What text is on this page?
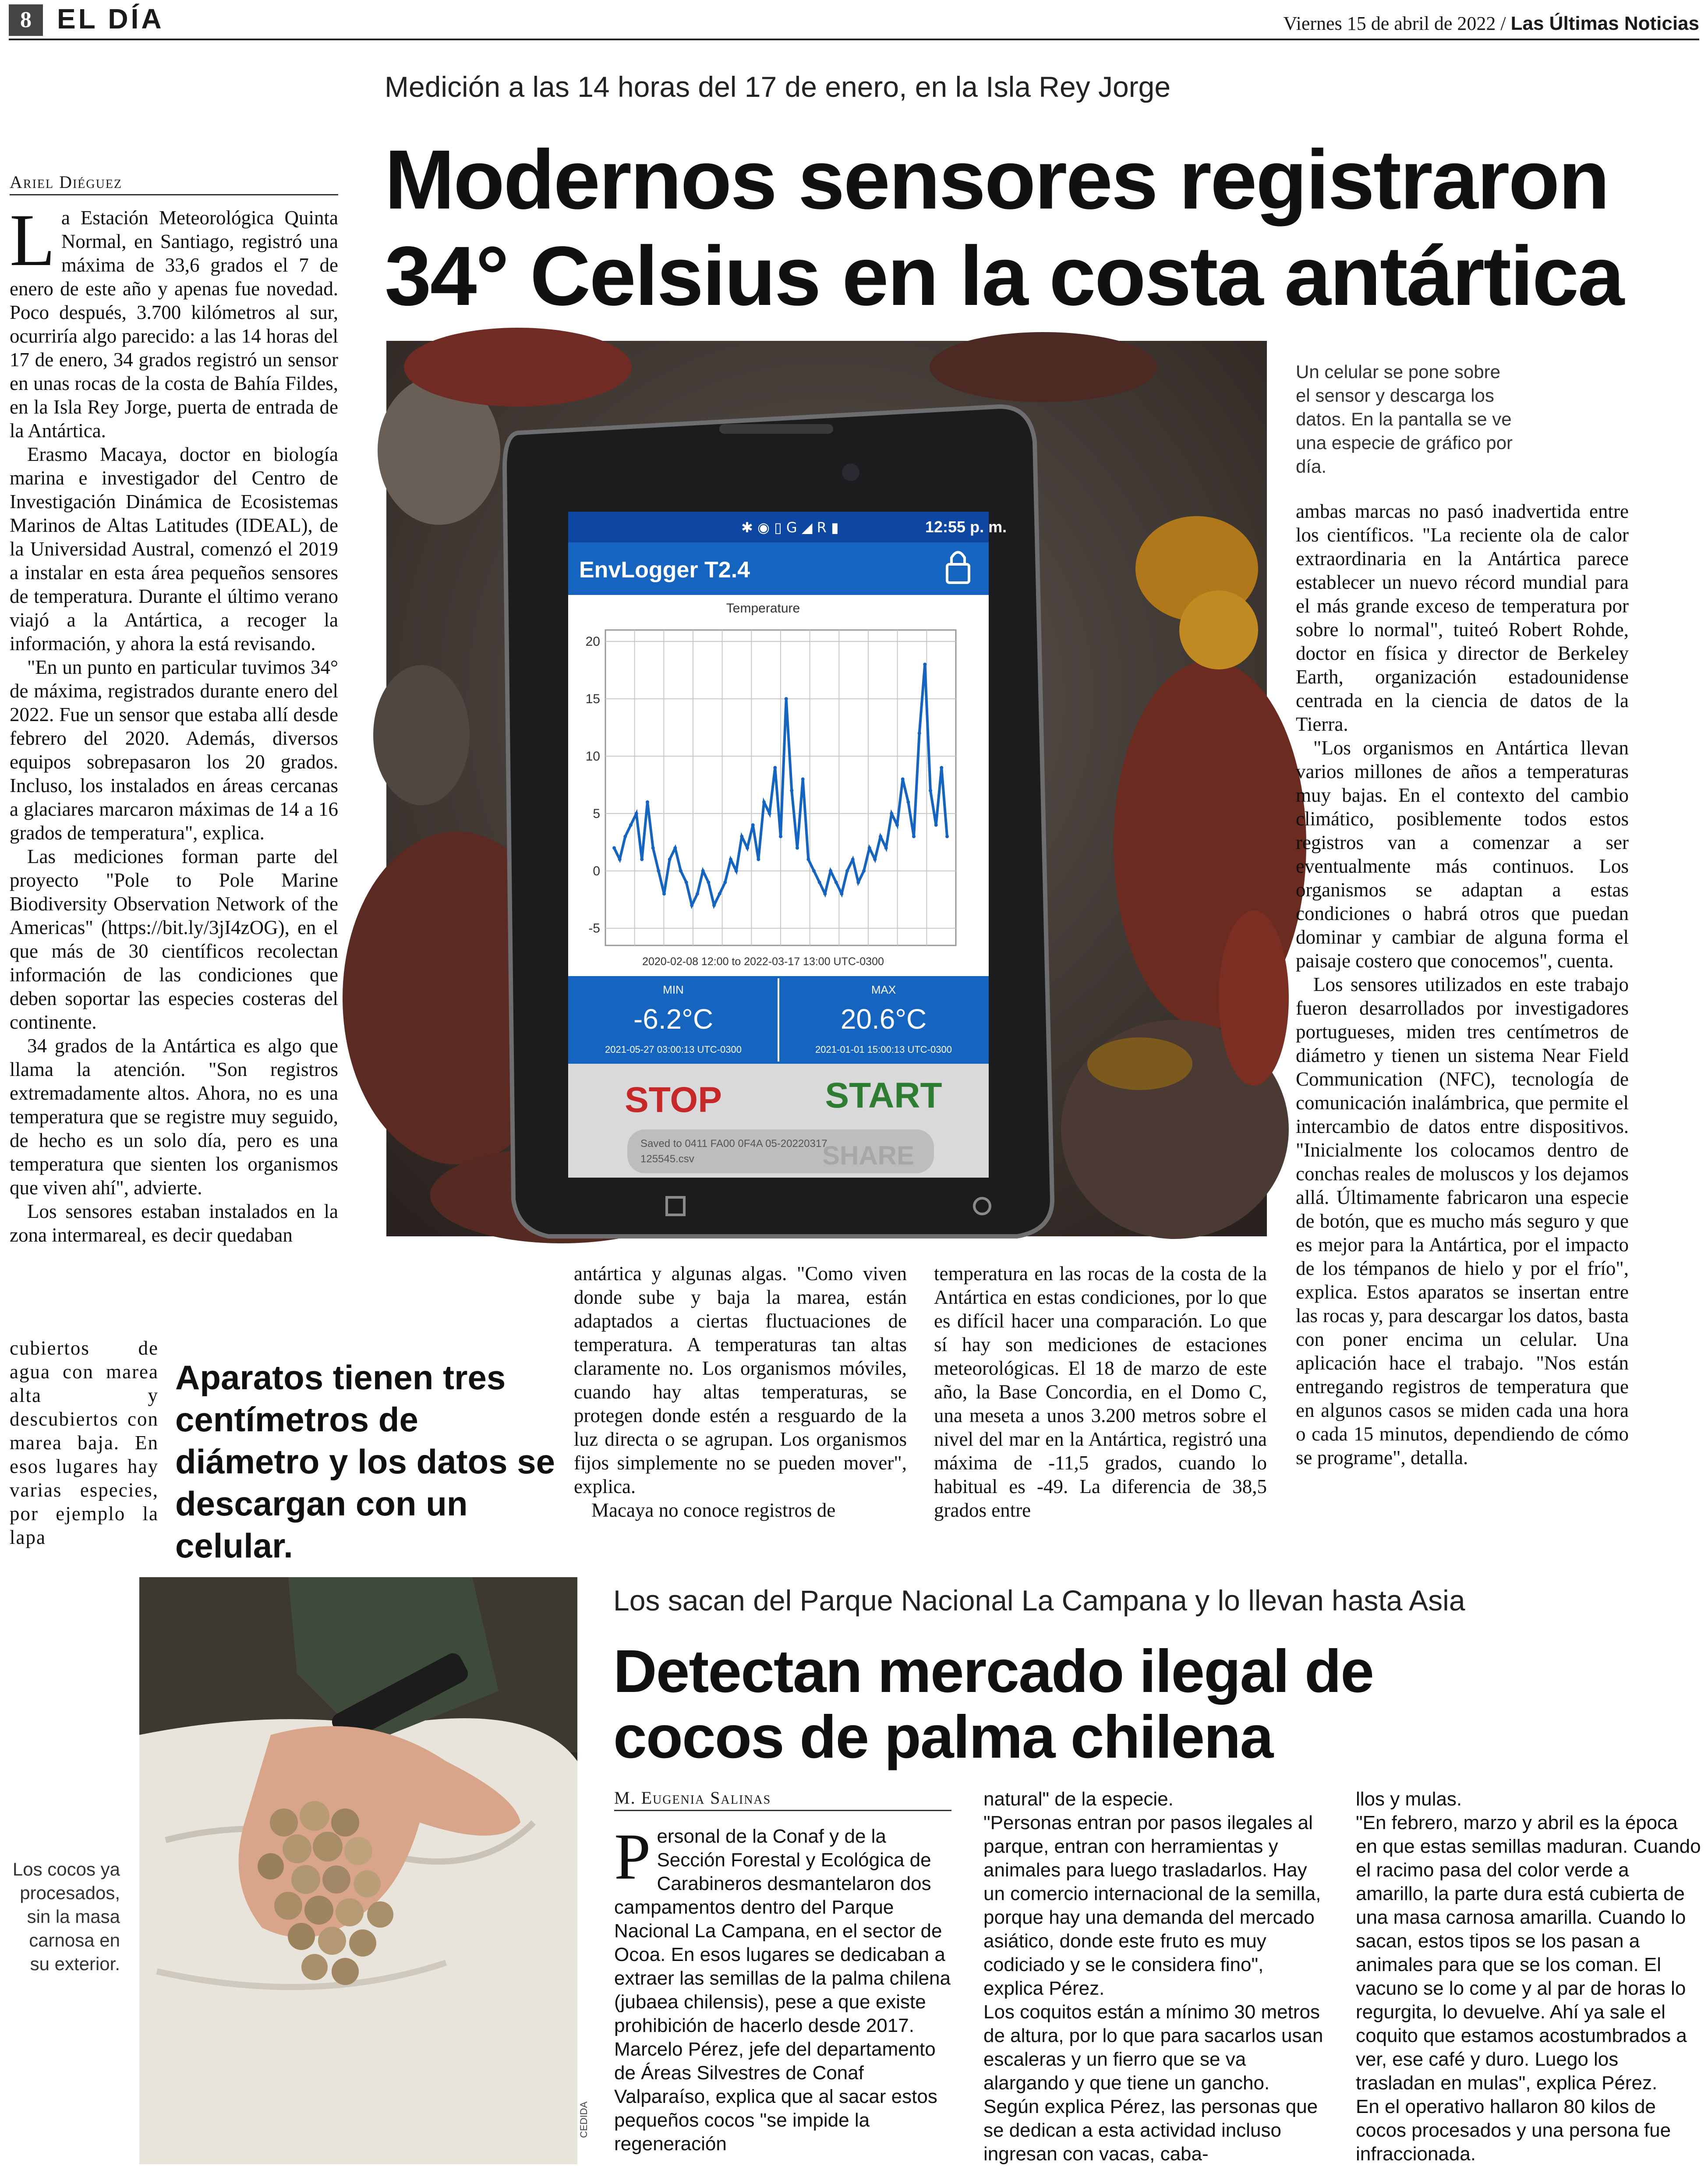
8 EL DÍA	Viernes 15 de abril de 2022 / Las Últimas Noticias
Medición a las 14 horas del 17 de enero, en la Isla Rey Jorge
Modernos sensores registraron 34° Celsius en la costa antártica
Ariel Diéguez
L a Estación Meteorológica Quinta Normal, en Santiago, registró una máxima de 33,6 grados el 7 de enero de este año y apenas fue novedad. Poco después, 3.700 kilómetros al sur, ocurriría algo parecido: a las 14 horas del 17 de enero, 34 grados registró un sensor en unas rocas de la costa de Bahía Fildes, en la Isla Rey Jorge, puerta de entrada de la Antártica.

Erasmo Macaya, doctor en biología marina e investigador del Centro de Investigación Dinámica de Ecosistemas Marinos de Altas Latitudes (IDEAL), de la Universidad Austral, comenzó el 2019 a instalar en esta área pequeños sensores de temperatura. Durante el último verano viajó a la Antártica, a recoger la información, y ahora la está revisando.

"En un punto en particular tuvimos 34° de máxima, registrados durante enero del 2022. Fue un sensor que estaba allí desde febrero del 2020. Además, diversos equipos sobrepasaron los 20 grados. Incluso, los instalados en áreas cercanas a glaciares marcaron máximas de 14 a 16 grados de temperatura", explica.

Las mediciones forman parte del proyecto "Pole to Pole Marine Biodiversity Observation Network of the Americas" (https://bit.ly/3jI4zOG), en el que más de 30 científicos recolectan información de las condiciones que deben soportar las especies costeras del continente.

34 grados de la Antártica es algo que llama la atención. "Son registros extremadamente altos. Ahora, no es una temperatura que se registre muy seguido, de hecho es un solo día, pero es una temperatura que sienten los organismos que viven ahí", advierte.

Los sensores estaban instalados en la zona intermareal, es decir quedaban

cubiertos de agua con marea alta y descubiertos con marea baja. En esos lugares hay varias especies, por ejemplo la lapa

Aparatos tienen tres centímetros de diámetro y los datos se descargan con un celular.
12:55 p. m.
✱ ◉ ▯ G ◢ R ▮
EnvLogger T2.4
Temperature
20
15
10
5
0
-5
2020-02-08 12:00 to 2022-03-17 13:00 UTC-0300
MIN
-6.2°C
2021-05-27 03:00:13 UTC-0300
MAX
20.6°C
2021-01-01 15:00:13 UTC-0300
STOP	START
Saved to 0411 FA00 0F4A 05-20220317
125545.csv	SHARE
Un celular se pone sobre el sensor y descarga los datos. En la pantalla se ve una especie de gráfico por día.

ambas marcas no pasó inadvertida entre los científicos. "La reciente ola de calor extraordinaria en la Antártica parece establecer un nuevo récord mundial para el más grande exceso de temperatura por sobre lo normal", tuiteó Robert Rohde, doctor en física y director de Berkeley Earth, organización estadounidense centrada en la ciencia de datos de la Tierra.

"Los organismos en Antártica llevan varios millones de años a temperaturas muy bajas. En el contexto del cambio climático, posiblemente todos estos registros van a comenzar a ser eventualmente más continuos. Los organismos se adaptan a estas condiciones o habrá otros que puedan dominar y cambiar de alguna forma el paisaje costero que conocemos", cuenta.

Los sensores utilizados en este trabajo fueron desarrollados por investigadores portugueses, miden tres centímetros de diámetro y tienen un sistema Near Field Communication (NFC), tecnología de comunicación inalámbrica, que permite el intercambio de datos entre dispositivos. "Inicialmente los colocamos dentro de conchas reales de moluscos y los dejamos allá. Últimamente fabricaron una especie de botón, que es mucho más seguro y que es mejor para la Antártica, por el impacto de los témpanos de hielo y por el frío", explica. Estos aparatos se insertan entre las rocas y, para descargar los datos, basta con poner encima un celular. Una aplicación hace el trabajo. "Nos están entregando registros de temperatura que en algunos casos se miden cada una hora o cada 15 minutos, dependiendo de cómo se programe", detalla.

antártica y algunas algas. "Como viven donde sube y baja la marea, están adaptados a ciertas fluctuaciones de temperatura. A temperaturas tan altas claramente no. Los organismos móviles, cuando hay altas temperaturas, se protegen donde estén a resguardo de la luz directa o se agrupan. Los organismos fijos simplemente no se pueden mover", explica.

Macaya no conoce registros de

temperatura en las rocas de la costa de la Antártica en estas condiciones, por lo que es difícil hacer una comparación. Lo que sí hay son mediciones de estaciones meteorológicas. El 18 de marzo de este año, la Base Concordia, en el Domo C, una meseta a unos 3.200 metros sobre el nivel del mar en la Antártica, registró una máxima de -11,5 grados, cuando lo habitual es -49. La diferencia de 38,5 grados entre

CEDIDA
Los cocos ya procesados, sin la masa carnosa en su exterior.
Los sacan del Parque Nacional La Campana y lo llevan hasta Asia
Detectan mercado ilegal de cocos de palma chilena
M. Eugenia Salinas
P ersonal de la Conaf y de la Sección Forestal y Ecológica de Carabineros desmantelaron dos campamentos dentro del Parque Nacional La Campana, en el sector de Ocoa. En esos lugares se dedicaban a extraer las semillas de la palma chilena (jubaea chilensis), pese a que existe prohibición de hacerlo desde 2017.

Marcelo Pérez, jefe del departamento de Áreas Silvestres de Conaf Valparaíso, explica que al sacar estos pequeños cocos "se impide la regeneración

natural" de la especie.

"Personas entran por pasos ilegales al parque, entran con herramientas y animales para luego trasladarlos. Hay un comercio internacional de la semilla, porque hay una demanda del mercado asiático, donde este fruto es muy codiciado y se le considera fino", explica Pérez.

Los coquitos están a mínimo 30 metros de altura, por lo que para sacarlos usan escaleras y un fierro que se va alargando y que tiene un gancho. Según explica Pérez, las personas que se dedican a esta actividad incluso ingresan con vacas, caba-

llos y mulas.

"En febrero, marzo y abril es la época en que estas semillas maduran. Cuando el racimo pasa del color verde a amarillo, la parte dura está cubierta de una masa carnosa amarilla. Cuando lo sacan, estos tipos se los pasan a animales para que se los coman. El vacuno se lo come y al par de horas lo regurgita, lo devuelve. Ahí ya sale el coquito que estamos acostumbrados a ver, ese café y duro. Luego los trasladan en mulas", explica Pérez.

En el operativo hallaron 80 kilos de cocos procesados y una persona fue infraccionada.
